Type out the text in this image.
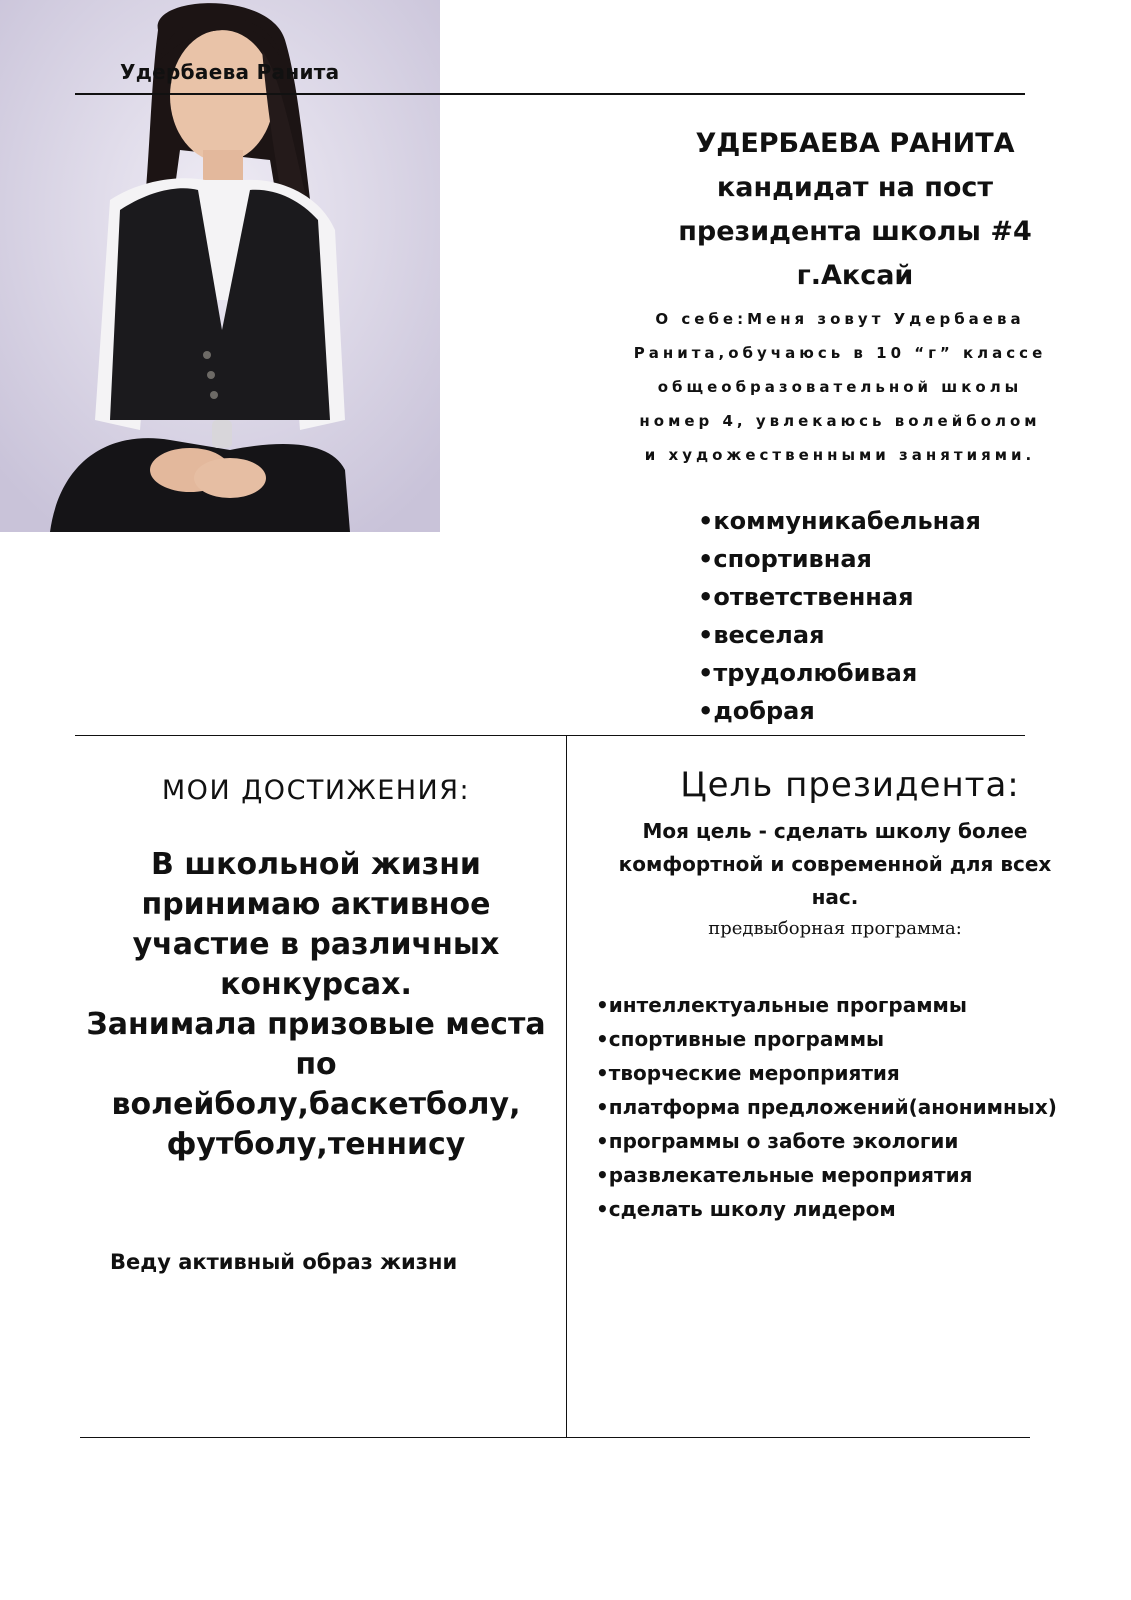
Удербаева Ранита
УДЕРБАЕВА РАНИТА
кандидат на пост
президента школы #4
г.Аксай
О себе:Меня зовут Удербаева
Ранита,обучаюсь в 10 “г” классе
общеобразовательной школы
номер 4, увлекаюсь волейболом
и художественными занятиями.
•коммуникабельная
•спортивная
•ответственная
•веселая
•трудолюбивая
•добрая
МОИ ДОСТИЖЕНИЯ:
В школьной жизни
принимаю активное
участие в различных
конкурсах.
Занимала призовые места
по
волейболу,баскетболу,
футболу,теннису
Веду активный образ жизни
Цель президента:
Моя цель - сделать школу более
комфортной и современной для всех
нас.
предвыборная программа:
•интеллектуальные программы
•спортивные программы
•творческие мероприятия
•платформа предложений(анонимных)
•программы о заботе экологии
•развлекательные мероприятия
•сделать школу лидером
